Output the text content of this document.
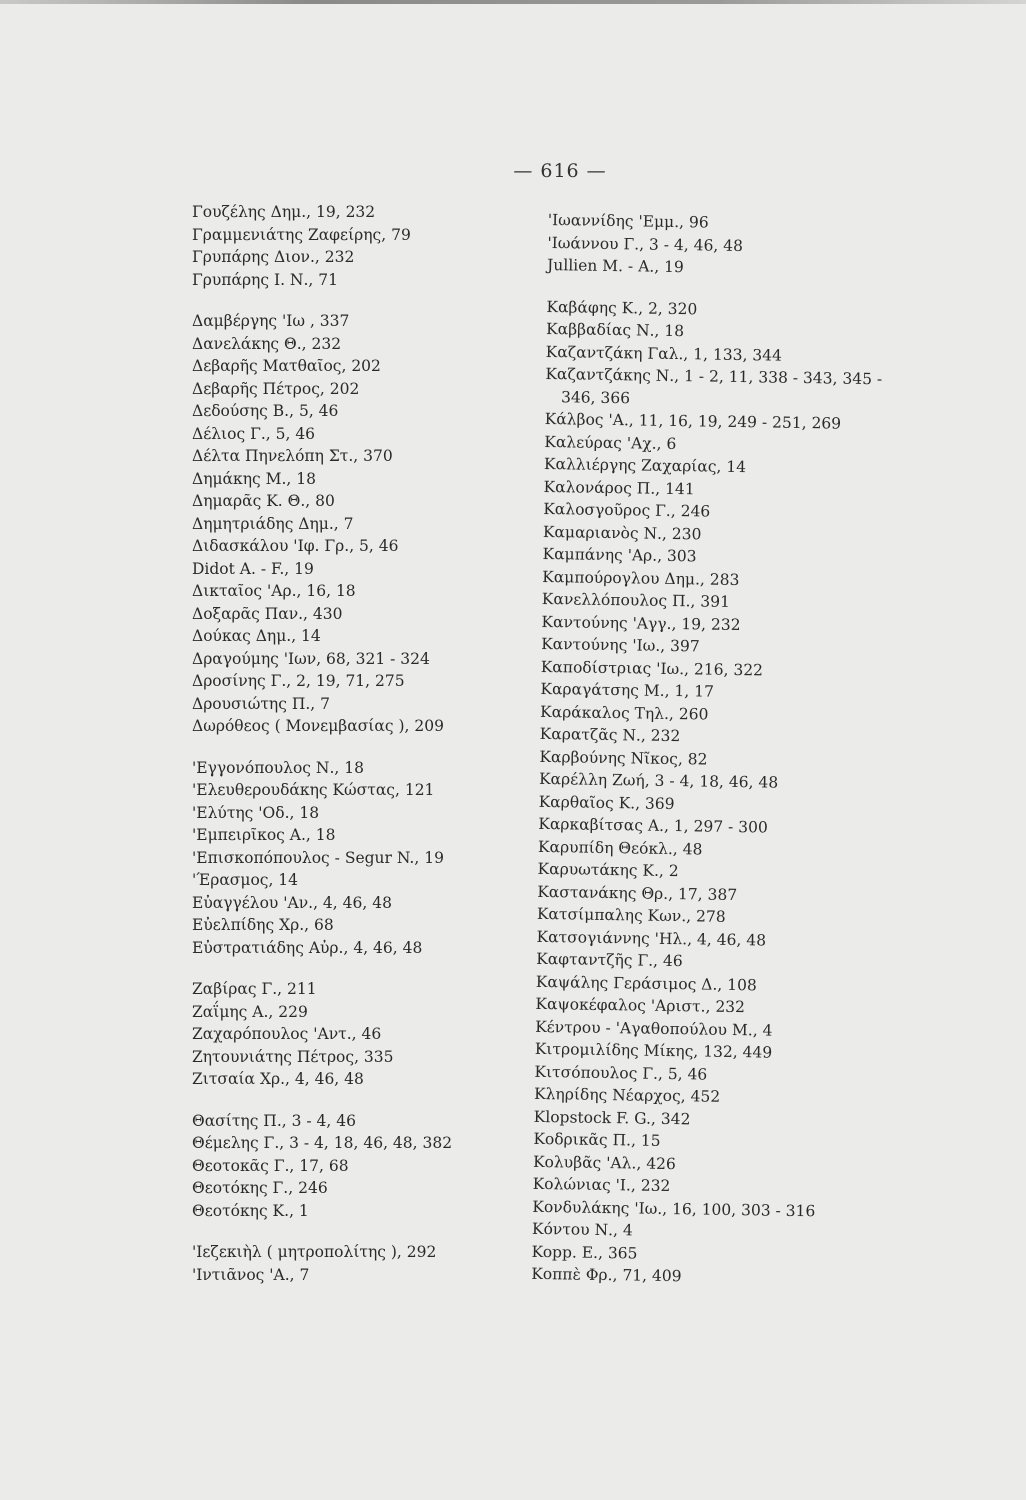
— 616 —
Γουζέλης Δημ., 19, 232
Γραμμενιάτης Ζαφείρης, 79
Γρυπάρης Διον., 232
Γρυπάρης Ι. Ν., 71
Δαμβέργης 'Ιω , 337
Δανελάκης Θ., 232
Δεβαρῆς Ματθαῖος, 202
Δεβαρῆς Πέτρος, 202
Δεδούσης Β., 5, 46
Δέλιος Γ., 5, 46
Δέλτα Πηνελόπη Στ., 370
Δημάκης Μ., 18
Δημαρᾶς Κ. Θ., 80
Δημητριάδης Δημ., 7
Διδασκάλου 'Ιφ. Γρ., 5, 46
Didot A. - F., 19
Δικταῖος 'Αρ., 16, 18
Δοξαρᾶς Παν., 430
Δούκας Δημ., 14
Δραγούμης 'Ιων, 68, 321 - 324
Δροσίνης Γ., 2, 19, 71, 275
Δρουσιώτης Π., 7
Δωρόθεος ( Μονεμβασίας ), 209
'Εγγονόπουλος Ν., 18
'Ελευθερουδάκης Κώστας, 121
'Ελύτης 'Οδ., 18
'Εμπειρῖκος Α., 18
'Επισκοπόπουλος - Segur N., 19
'Έρασμος, 14
Εὐαγγέλου 'Αν., 4, 46, 48
Εὐελπίδης Χρ., 68
Εὐστρατιάδης Αὐρ., 4, 46, 48
Ζαβίρας Γ., 211
Ζαΐμης Α., 229
Ζαχαρόπουλος 'Αντ., 46
Ζητουνιάτης Πέτρος, 335
Ζιτσαία Χρ., 4, 46, 48
Θασίτης Π., 3 - 4, 46
Θέμελης Γ., 3 - 4, 18, 46, 48, 382
Θεοτοκᾶς Γ., 17, 68
Θεοτόκης Γ., 246
Θεοτόκης Κ., 1
'Ιεζεκιὴλ ( μητροπολίτης ), 292
'Ιντιᾶνος 'Α., 7
'Ιωαννίδης 'Εμμ., 96
'Ιωάννου Γ., 3 - 4, 46, 48
Jullien M. - A., 19
Καβάφης Κ., 2, 320
Καββαδίας Ν., 18
Καζαντζάκη Γαλ., 1, 133, 344
Καζαντζάκης Ν., 1 - 2, 11, 338 - 343, 345 -
346, 366
Κάλβος 'Α., 11, 16, 19, 249 - 251, 269
Καλεύρας 'Αχ., 6
Καλλιέργης Ζαχαρίας, 14
Καλονάρος Π., 141
Καλοσγοῦρος Γ., 246
Καμαριανὸς Ν., 230
Καμπάνης 'Αρ., 303
Καμπούρογλου Δημ., 283
Κανελλόπουλος Π., 391
Καντούνης 'Αγγ., 19, 232
Καντούνης 'Ιω., 397
Καποδίστριας 'Ιω., 216, 322
Καραγάτσης Μ., 1, 17
Καράκαλος Τηλ., 260
Καρατζᾶς Ν., 232
Καρβούνης Νῖκος, 82
Καρέλλη Ζωή, 3 - 4, 18, 46, 48
Καρθαῖος Κ., 369
Καρκαβίτσας Α., 1, 297 - 300
Καρυπίδη Θεόκλ., 48
Καρυωτάκης Κ., 2
Καστανάκης Θρ., 17, 387
Κατσίμπαλης Κων., 278
Κατσογιάννης 'Ηλ., 4, 46, 48
Καφταντζῆς Γ., 46
Καψάλης Γεράσιμος Δ., 108
Καψοκέφαλος 'Αριστ., 232
Κέντρου - 'Αγαθοπούλου Μ., 4
Κιτρομιλίδης Μίκης, 132, 449
Κιτσόπουλος Γ., 5, 46
Κληρίδης Νέαρχος, 452
Klopstock F. G., 342
Κοδρικᾶς Π., 15
Κολυβᾶς 'Αλ., 426
Κολώνιας 'Ι., 232
Κονδυλάκης 'Ιω., 16, 100, 303 - 316
Κόντου Ν., 4
Kopp. E., 365
Κοππὲ Φρ., 71, 409
